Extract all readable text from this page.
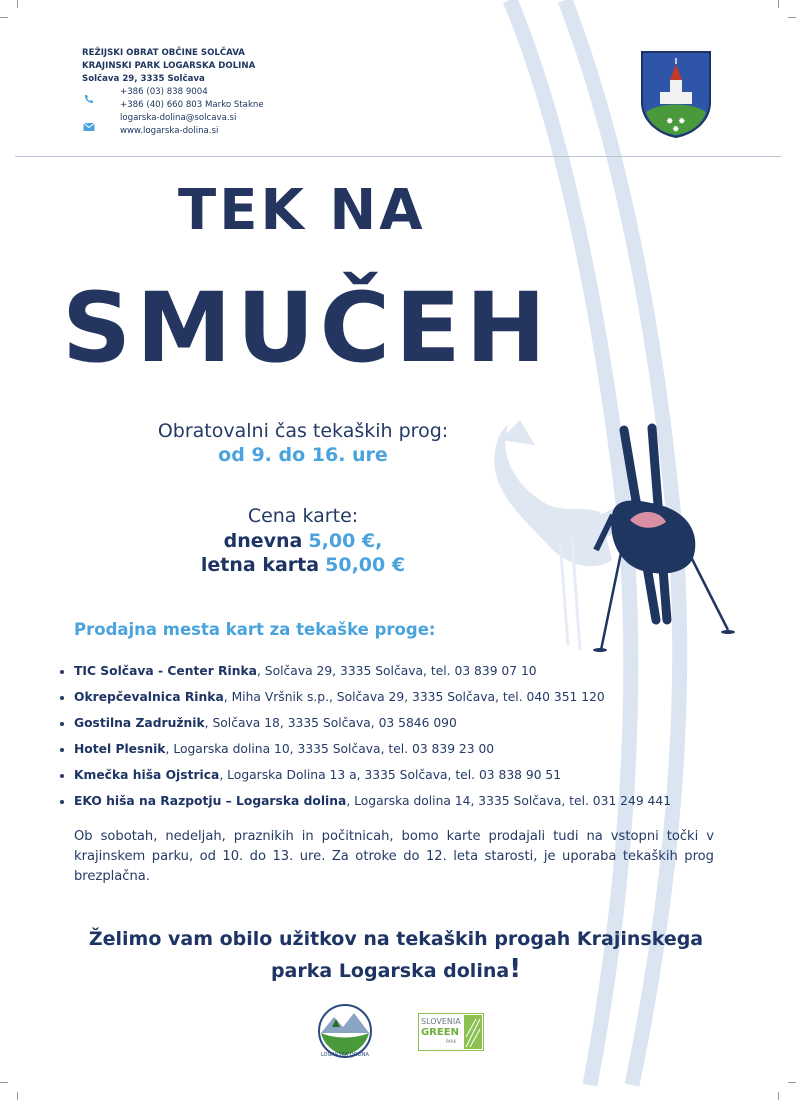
REŽIJSKI OBRAT OBČINE SOLČAVA
KRAJINSKI PARK LOGARSKA DOLINA
Solčava 29, 3335 Solčava
+386 (03) 838 9004
+386 (40) 660 803 Marko Stakne
logarska-dolina@solcava.si
www.logarska-dolina.si
✸ ✸
✸
TEK NA
SMUČEH
Obratovalni čas tekaških prog:
od 9. do 16. ure
Cena karte:
dnevna 5,00 €,
letna karta 50,00 €
Prodajna mesta kart za tekaške proge:
• TIC Solčava - Center Rinka, Solčava 29, 3335 Solčava, tel. 03 839 07 10
• Okrepčevalnica Rinka, Miha Vršnik s.p., Solčava 29, 3335 Solčava, tel. 040 351 120
• Gostilna Zadružnik, Solčava 18, 3335 Solčava, 03 5846 090
• Hotel Plesnik, Logarska dolina 10, 3335 Solčava, tel. 03 839 23 00
• Kmečka hiša Ojstrica, Logarska Dolina 13 a, 3335 Solčava, tel. 03 838 90 51
• EKO hiša na Razpotju – Logarska dolina, Logarska dolina 14, 3335 Solčava, tel. 031 249 441
Ob sobotah, nedeljah, praznikih in počitnicah, bomo karte prodajali tudi na vstopni točki v krajinskem parku, od 10. do 13. ure. Za otroke do 12. leta starosti, je uporaba tekaških prog brezplačna.
Želimo vam obilo užitkov na tekaških progah Krajinskega
parka Logarska dolina!
LOGARSKA DOLINA
SLOVENIA
GREEN
PARK
